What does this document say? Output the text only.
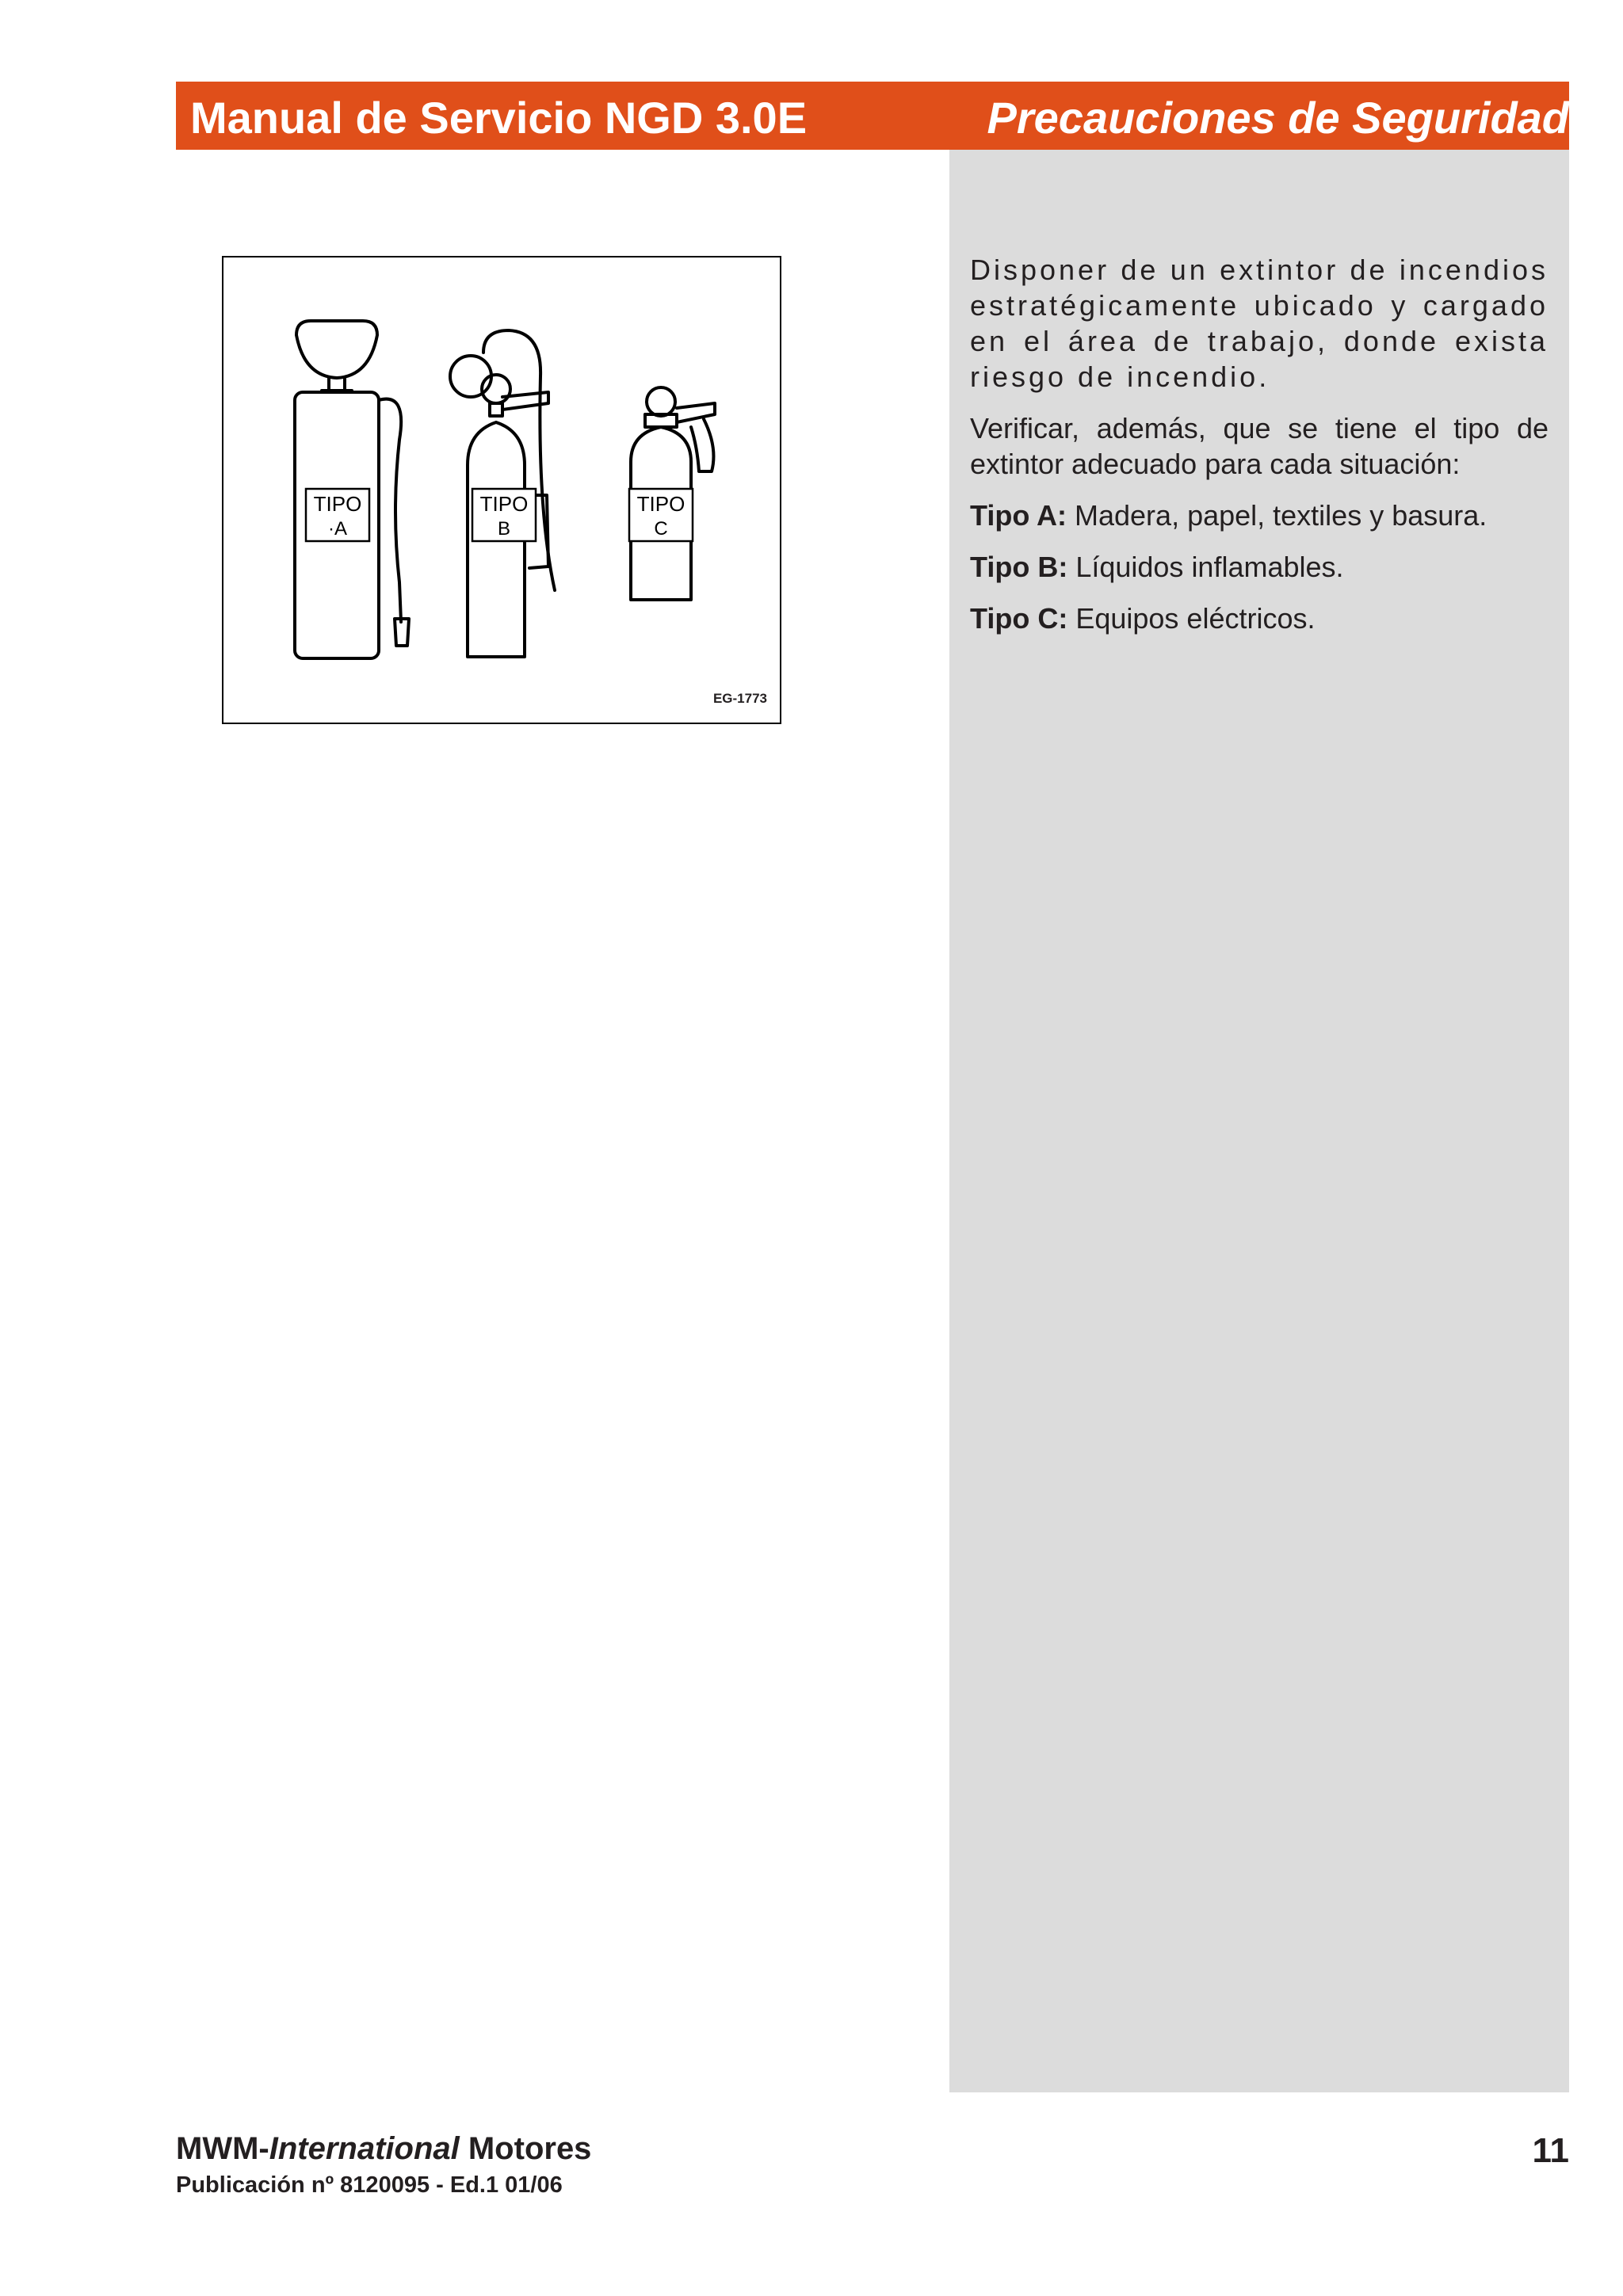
Manual de Servicio NGD 3.0E	Precauciones de Seguridad

Disponer de un extintor de incendios estratégicamente ubicado y cargado en el área de trabajo, donde exista riesgo de incendio.

Verificar, además, que se tiene el tipo de extintor adecuado para cada situación:

Tipo A: Madera, papel, textiles y basura.
Tipo B: Líquidos inflamables.
Tipo C: Equipos eléctricos.
TIPO
·A
TIPO
B
TIPO
C
EG-1773
MWM-International Motores
Publicación nº 8120095 - Ed.1 01/06
11
